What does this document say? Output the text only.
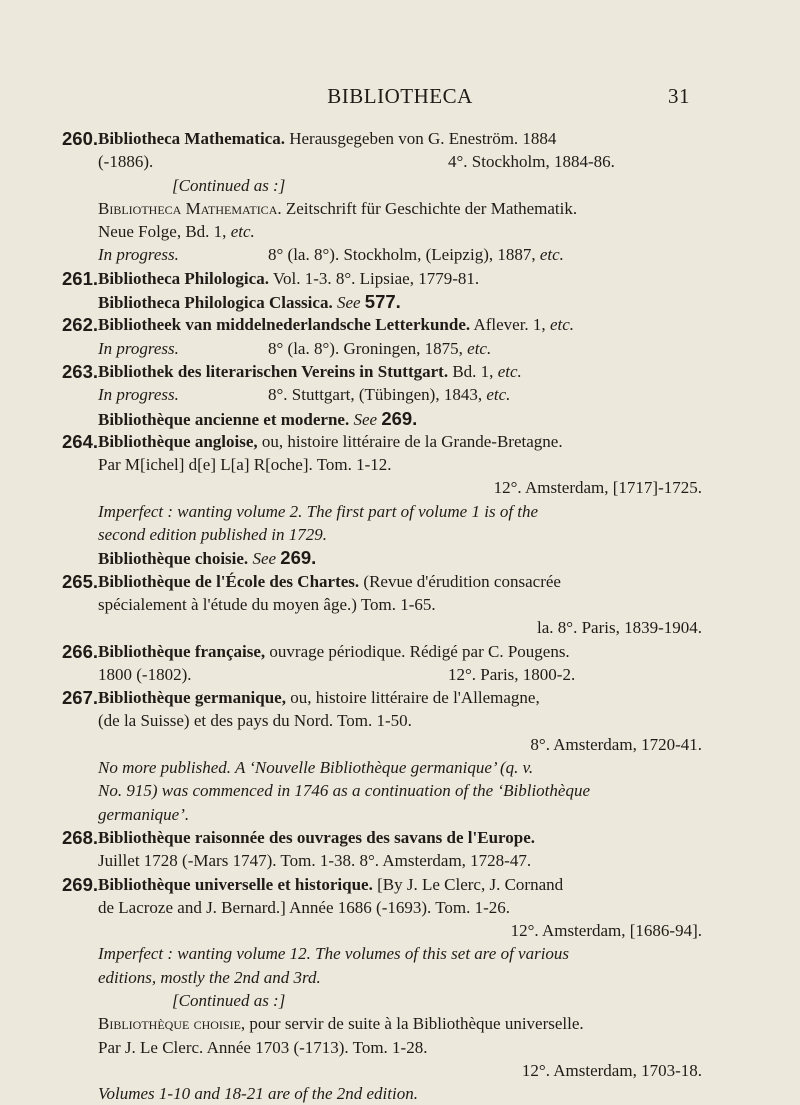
BIBLIOTHECA	31
260. Bibliotheca Mathematica. Herausgegeben von G. Eneström. 1884
(-1886).	4°. Stockholm, 1884-86.
[Continued as :]
Bibliotheca Mathematica. Zeitschrift für Geschichte der Mathematik.
Neue Folge, Bd. 1, etc.
In progress.	8° (la. 8°). Stockholm, (Leipzig), 1887, etc.
261. Bibliotheca Philologica. Vol. 1-3. 8°. Lipsiae, 1779-81.
Bibliotheca Philologica Classica. See 577.
262. Bibliotheek van middelnederlandsche Letterkunde. Aflever. 1, etc.
In progress.	8° (la. 8°). Groningen, 1875, etc.
263. Bibliothek des literarischen Vereins in Stuttgart. Bd. 1, etc.
In progress.	8°. Stuttgart, (Tübingen), 1843, etc.
Bibliothèque ancienne et moderne. See 269.
264. Bibliothèque angloise, ou, histoire littéraire de la Grande-Bretagne.
Par M[ichel] d[e] L[a] R[oche]. Tom. 1-12.
12°. Amsterdam, [1717]-1725.
Imperfect : wanting volume 2. The first part of volume 1 is of the
second edition published in 1729.
Bibliothèque choisie. See 269.
265. Bibliothèque de l'École des Chartes. (Revue d'érudition consacrée
spécialement à l'étude du moyen âge.) Tom. 1-65.
la. 8°. Paris, 1839-1904.
266. Bibliothèque française, ouvrage périodique. Rédigé par C. Pougens.
1800 (-1802).	12°. Paris, 1800-2.
267. Bibliothèque germanique, ou, histoire littéraire de l'Allemagne,
(de la Suisse) et des pays du Nord. Tom. 1-50.
8°. Amsterdam, 1720-41.
No more published. A ‘Nouvelle Bibliothèque germanique’ (q. v.
No. 915) was commenced in 1746 as a continuation of the ‘Bibliothèque
germanique’.
268. Bibliothèque raisonnée des ouvrages des savans de l'Europe.
Juillet 1728 (-Mars 1747). Tom. 1-38. 8°. Amsterdam, 1728-47.
269. Bibliothèque universelle et historique. [By J. Le Clerc, J. Cornand
de Lacroze and J. Bernard.] Année 1686 (-1693). Tom. 1-26.
12°. Amsterdam, [1686-94].
Imperfect : wanting volume 12. The volumes of this set are of various
editions, mostly the 2nd and 3rd.
[Continued as :]
Bibliothèque choisie, pour servir de suite à la Bibliothèque universelle.
Par J. Le Clerc. Année 1703 (-1713). Tom. 1-28.
12°. Amsterdam, 1703-18.
Volumes 1-10 and 18-21 are of the 2nd edition.
